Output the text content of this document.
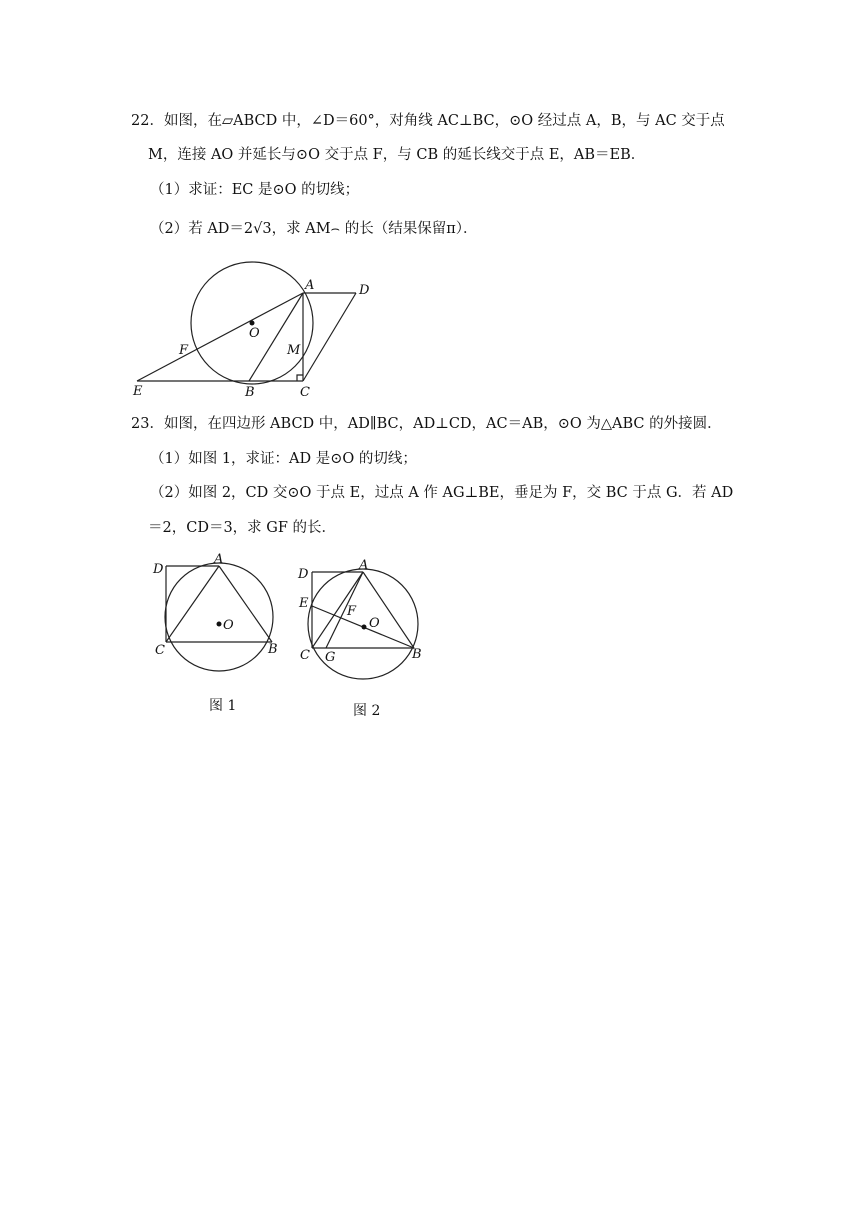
22．如图，在▱ABCD 中，∠D＝60°，对角线 AC⊥BC，⊙O 经过点 A，B，与 AC 交于点
M，连接 AO 并延长与⊙O 交于点 F，与 CB 的延长线交于点 E，AB＝EB．
（1）求证：EC 是⊙O 的切线；
（2）若 AD＝2√3，求 AM⌢ 的长（结果保留π）．
A	D
O
F	M
E	B	C
23．如图，在四边形 ABCD 中，AD∥BC，AD⊥CD，AC＝AB，⊙O 为△ABC 的外接圆．
（1）如图 1，求证：AD 是⊙O 的切线；
（2）如图 2，CD 交⊙O 于点 E，过点 A 作 AG⊥BE，垂足为 F，交 BC 于点 G．若 AD
＝2，CD＝3，求 GF 的长．
D
A
O
C	B
D
A
E
F
O
C G	B
图 1	图 2
